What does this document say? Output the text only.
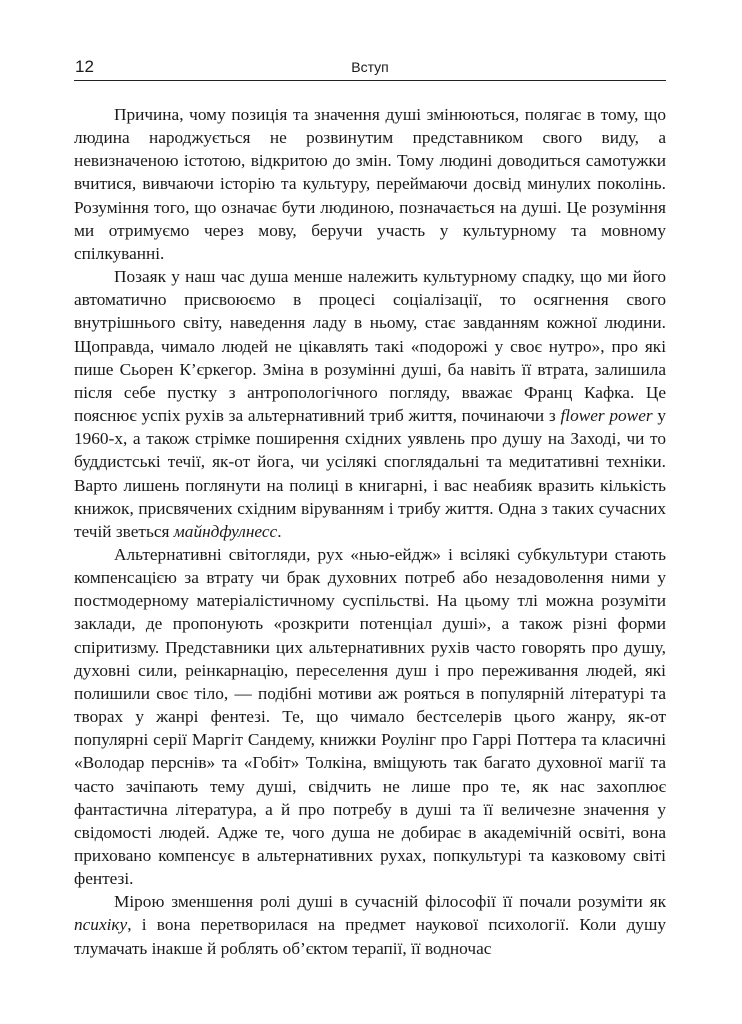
12	Вступ

Причина, чому позиція та значення душі змінюються, полягає в тому, що людина народжується не розвинутим представником свого виду, а невизначеною істотою, відкритою до змін. Тому людині доводиться самотужки вчитися, вивчаючи історію та культуру, переймаючи досвід минулих поколінь. Розуміння того, що означає бути людиною, позначається на душі. Це розуміння ми отримуємо через мову, беручи участь у культурному та мовному спілкуванні.

Позаяк у наш час душа менше належить культурному спадку, що ми його автоматично присвоюємо в процесі соціалізації, то осягнення свого внутрішнього світу, наведення ладу в ньому, стає завданням кожної людини. Щоправда, чимало людей не цікавлять такі «подорожі у своє нутро», про які пише Сьорен К’єркегор. Зміна в розумінні душі, ба навіть її втрата, залишила після себе пустку з антропологічного погляду, вважає Франц Кафка. Це пояснює успіх рухів за альтернативний триб життя, починаючи з flower power у 1960-х, а також стрімке поширення східних уявлень про душу на Заході, чи то буддистські течії, як-от йога, чи усілякі споглядальні та медитативні техніки. Варто лишень поглянути на полиці в книгарні, і вас неабияк вразить кількість книжок, присвячених східним віруванням і трибу життя. Одна з таких сучасних течій зветься майндфулнесс.

Альтернативні світогляди, рух «нью-ейдж» і всілякі субкультури стають компенсацією за втрату чи брак духовних потреб або незадоволення ними у постмодерному матеріалістичному суспільстві. На цьому тлі можна розуміти заклади, де пропонують «розкрити потенціал душі», а також різні форми спіритизму. Представники цих альтернативних рухів часто говорять про душу, духовні сили, реінкарнацію, переселення душ і про переживання людей, які полишили своє тіло, — подібні мотиви аж рояться в популярній літературі та творах у жанрі фентезі. Те, що чимало бестселерів цього жанру, як-от популярні серії Маргіт Сандему, книжки Роулінг про Гаррі Поттера та класичні «Володар перснів» та «Гобіт» Толкіна, вміщують так багато духовної магії та часто зачіпають тему душі, свідчить не лише про те, як нас захоплює фантастична література, а й про потребу в душі та її величезне значення у свідомості людей. Адже те, чого душа не добирає в академічній освіті, вона приховано компенсує в альтернативних рухах, попкультурі та казковому світі фентезі.

Мірою зменшення ролі душі в сучасній філософії її почали розуміти як психіку, і вона перетворилася на предмет наукової психології. Коли душу тлумачать інакше й роблять об’єктом терапії, її водночас
